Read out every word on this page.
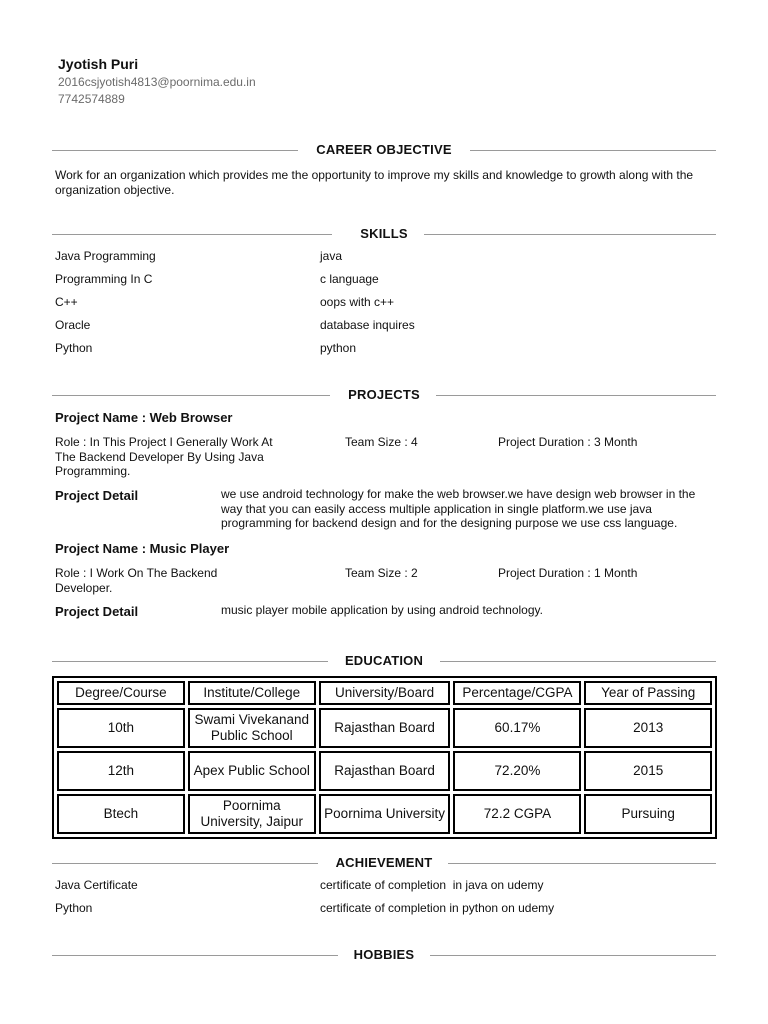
Jyotish Puri
2016csjyotish4813@poornima.edu.in
7742574889
CAREER OBJECTIVE
Work for an organization which provides me the opportunity to improve my skills and knowledge to growth along with the organization objective.
SKILLS
Java Programming	java
Programming In C	c language
C++	oops with c++
Oracle	database inquires
Python	python
PROJECTS
Project Name : Web Browser
Role : In This Project I Generally Work At The Backend Developer By Using Java Programming.
Team Size : 4	Project Duration : 3 Month
Project Detail	we use android technology for make the web browser.we have design web browser in the way that you can easily access multiple application in single platform.we use java programming for backend design and for the designing purpose we use css language.
Project Name : Music Player
Role : I Work On The Backend Developer.
Team Size : 2	Project Duration : 1 Month
Project Detail	music player mobile application by using android technology.
EDUCATION
Degree/Course	Institute/College	University/Board	Percentage/CGPA	Year of Passing
10th	Swami Vivekanand Public School	Rajasthan Board	60.17%	2013
12th	Apex Public School	Rajasthan Board	72.20%	2015
Btech	Poornima University, Jaipur	Poornima University	72.2 CGPA	Pursuing
ACHIEVEMENT
Java Certificate	certificate of completion  in java on udemy
Python	certificate of completion in python on udemy
HOBBIES
